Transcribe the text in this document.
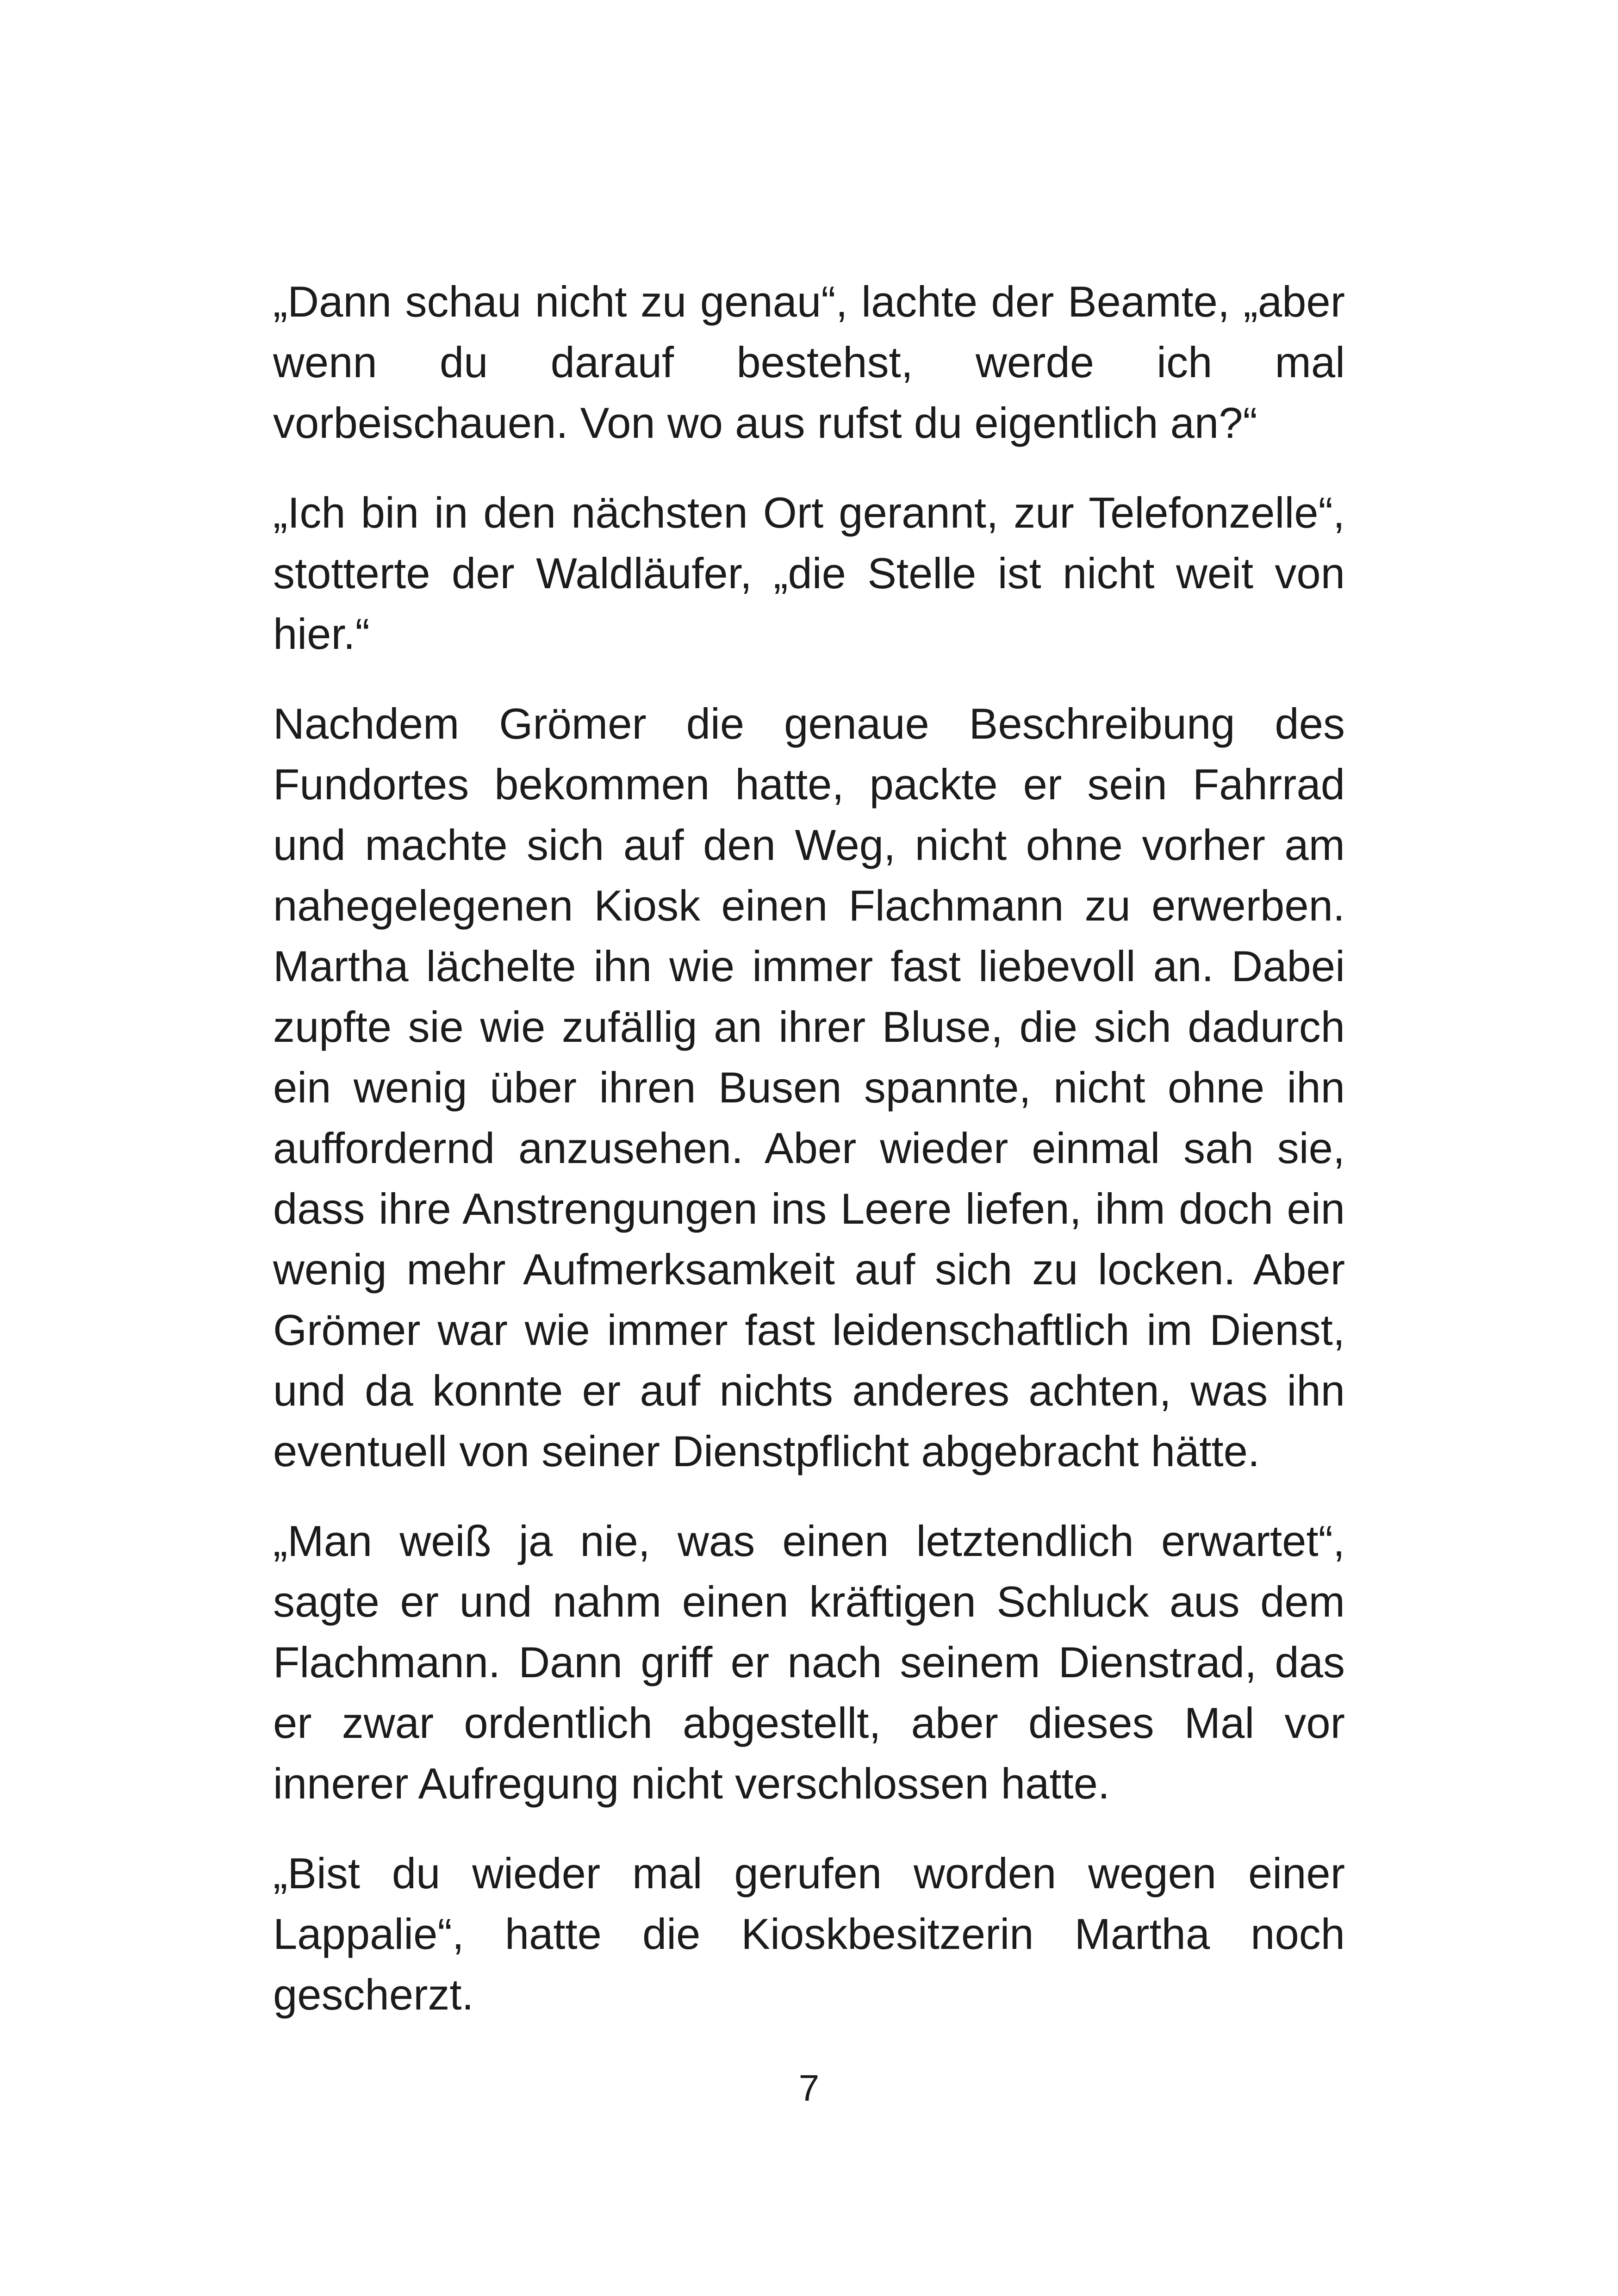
„Dann schau nicht zu genau“, lachte der Beamte, „aber wenn du darauf bestehst, werde ich mal vorbeischauen. Von wo aus rufst du eigentlich an?“

„Ich bin in den nächsten Ort gerannt, zur Telefonzelle“, stotterte der Waldläufer, „die Stelle ist nicht weit von hier.“

Nachdem Grömer die genaue Beschreibung des Fundortes bekommen hatte, packte er sein Fahrrad und machte sich auf den Weg, nicht ohne vorher am nahegelegenen Kiosk einen Flachmann zu erwerben. Martha lächelte ihn wie immer fast liebevoll an. Dabei zupfte sie wie zufällig an ihrer Bluse, die sich dadurch ein wenig über ihren Busen spannte, nicht ohne ihn auffordernd anzusehen. Aber wieder einmal sah sie, dass ihre Anstrengungen ins Leere liefen, ihm doch ein wenig mehr Aufmerksamkeit auf sich zu locken. Aber Grömer war wie immer fast leidenschaftlich im Dienst, und da konnte er auf nichts anderes achten, was ihn eventuell von seiner Dienstpflicht abgebracht hätte.

„Man weiß ja nie, was einen letztendlich erwartet“, sagte er und nahm einen kräftigen Schluck aus dem Flachmann. Dann griff er nach seinem Dienstrad, das er zwar ordentlich abgestellt, aber dieses Mal vor innerer Aufregung nicht verschlossen hatte.

„Bist du wieder mal gerufen worden wegen einer Lappalie“, hatte die Kioskbesitzerin Martha noch gescherzt.

7
